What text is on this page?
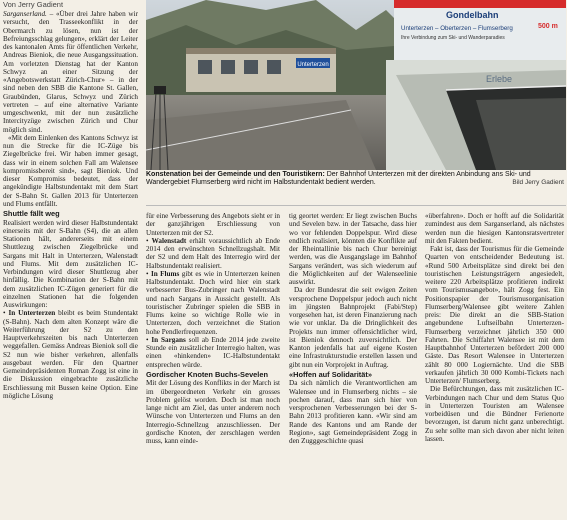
Von Jerry Gadient

Sarganserland. – «Über drei Jahre haben wir versucht, den Trasseekonflikt in der Obermarch zu lösen, nun ist der Befreiungsschlag gelungen», erklärt der Leiter des kantonalen Amts für öffentlichen Verkehr, Andreas Bieniok, die neue Ausgangssituation. Am vorletzten Dienstag hat der Kanton Schwyz an einer Sitzung der «Angebotswerkstatt Zürich-Chur» – in der sind neben den SBB die Kantone St. Gallen, Graubünden, Glarus, Schwyz und Zürich vertreten – auf eine alternative Variante umgeschwenkt, mit der nun zusätzliche Intercityzüge zwischen Zürich und Chur möglich sind.

«Mit dem Einlenken des Kantons Schwyz ist nun die Strecke für die IC-Züge bis Ziegelbrücke frei. Wir haben immer gesagt, dass wir in einem solchen Fall am Walensee kompromissbereit sind», sagt Bieniok. Und dieser Kompromiss bedeutet, dass der angekündigte Halbstundentakt mit dem Start der S-Bahn St. Gallen 2013 für Unterterzen und Flums entfällt.

Shuttle fällt weg

Realisiert werden wird dieser Halbstundentakt einerseits mit der S-Bahn (S4), die an allen Stationen hält, andererseits mit einem Shuttlezug zwischen Ziegelbrücke und Sargans mit Halt in Unterterzen, Walenstadt und Flums. Mit dem zusätzlichen IC-Verbindungen wird dieser Shuttlezug aber hinfällig. Die Kombination der S-Bahn mit dem zusätzlichen IC-Zügen generiert für die einzelnen Stationen hat die folgenden Auswirkungen:

• In Unterterzen bleibt es beim Stundentakt (S-Bahn). Nach dem alten Konzept wäre die Weiterführung der S2 zu den Hauptverkehrszeiten bis nach Unterterzen weggefallen. Gemäss Andreas Bieniok soll die S2 nun wie bisher verkehren, allenfalls ausgebaut werden. Für den Quartner Gemeindepräsidenten Roman Zogg ist eine in die Diskussion eingebrachte zusätzliche Erschliessung mit Bussen keine Option. Eine mögliche Lösung

Unterterzen
Gondelbahn
Unterterzen – Oberterzen – Flumserberg
Ihre Verbindung zum Ski- und Wanderparadies
500 m
Erlebe
Konstenation bei der Gemeinde und den Touristikern: Der Bahnhof Unterterzen mit der direkten Anbindung ans Ski- und Wandergebiet Flumserberg wird nicht im Halbstundentakt bedient werden.	Bild Jerry Gadient

für eine Verbesserung des Angebots sieht er in der ganzjährigen Erschliessung von Unterterzen mit der S2.

• Walenstadt erhält voraussichtlich ab Ende 2014 den erwünschten Schnellzugshalt. Mit der S2 und dem Halt des Interregio wird der Halbstundentakt realisiert.

• In Flums gibt es wie in Unterterzen keinen Halbstundentakt. Doch wird hier ein stark verbesserter Bus-Zubringer nach Walenstadt und nach Sargans in Aussicht gestellt. Als touristischer Zubringer spielen die SBB in Flums keine so wichtige Rolle wie in Unterterzen, doch verzeichnet die Station hohe Pendlerfrequenzen.

• In Sargans soll ab Ende 2014 jede zweite Stunde ein zusätzlicher Interregio halten, was einen «hinkenden» IC-Halbstundentakt entsprechen würde.

Gordischer Knoten Buchs-Sevelen

Mit der Lösung des Konflikts in der March ist im übergeordneten Verkehr ein grosses Problem gelöst worden. Doch ist man noch lange nicht am Ziel, das unter anderem noch Wünsche von Unterterzen und Flums an den Interregio-Schnellzug anzuschliessen. Der gordische Knoten, der zerschlagen werden muss, kann einde-

tig geortet werden: Er liegt zwischen Buchs und Sevelen bzw. in der Tatsache, dass hier wo vor fehlenden Doppelspur. Wird diese endlich realisiert, könnten die Konflikte auf der Rheintallinie bis nach Chur bereinigt werden, was die Ausgangslage im Bahnhof Sargans verändert, was sich wiederum auf die Möglichkeiten auf der Walenseelinie auswirkt.

Da der Bundesrat die seit ewigen Zeiten versprochene Doppelspur jedoch auch nicht im jüngsten Bahnprojekt (Fabi/Step) vorgesehen hat, ist deren Finanzierung nach wie vor unklar. Da die Dringlichkeit des Projekts nun immer offensichtlicher wird, ist Bieniok dennoch zuversichtlich. Der Kanton jedenfalls hat auf eigene Kosten eine Infrastrukturstudie erstellen lassen und gibt nun ein Vorprojekt in Auftrag.

«Hoffen auf Solidarität»

Da sich nämlich die Verantwortlichen am Walensee und in Flumserberg nichts – sie pochen darauf, dass man sich hier von versprochenen Verbesserungen bei der S-Bahn 2013 profitieren kann. «Wir sind am Rande des Kantons und am Rande der Region», sagt Gemeindepräsident Zogg in den Zugggeschichte quasi

«überfahren». Doch er hofft auf die Solidarität zumindest aus dem Sarganserland, als nächstes werden nun die hiesigen Kantonsratsvertreter mit den Fakten bedient.

Fakt ist, dass der Tourismus für die Gemeinde Quarten von entscheidender Bedeutung ist. «Rund 500 Arbeitsplätze sind direkt bei den touristischen Leistungsträgern angesiedelt, weitere 220 Arbeitsplätze profitieren indirekt vom Tourismusangebot», hält Zogg fest. Ein Positionspapier der Tourismusorganisation Flumserberg/Walensee gibt weitere Zahlen preis: Die direkt an die SBB-Station angebundene Luftseilbahn Unterterzen-Flumserberg verzeichnet jährlich 350 000 Fahrten. Die Schiffahrt Walensee ist mit dem Hauptbahnhof Unterterzen befördert 200 000 Gäste. Das Resort Walensee in Unterterzen zählt 80 000 Logiernächte. Und die SBB verkaufen jährlich 30 000 Kombi-Tickets nach Unterterzen/ Flumserberg.

Die Befürchtungen, dass mit zusätzlichen IC-Verbindungen nach Chur und dem Status Quo in Unterterzen Touristen am Walensee vorbeidüsen und die Bündner Ferienorte bevorzugen, ist darum nicht ganz unberechtigt. Zu sehr sollte man sich davon aber nicht leiten lassen.
